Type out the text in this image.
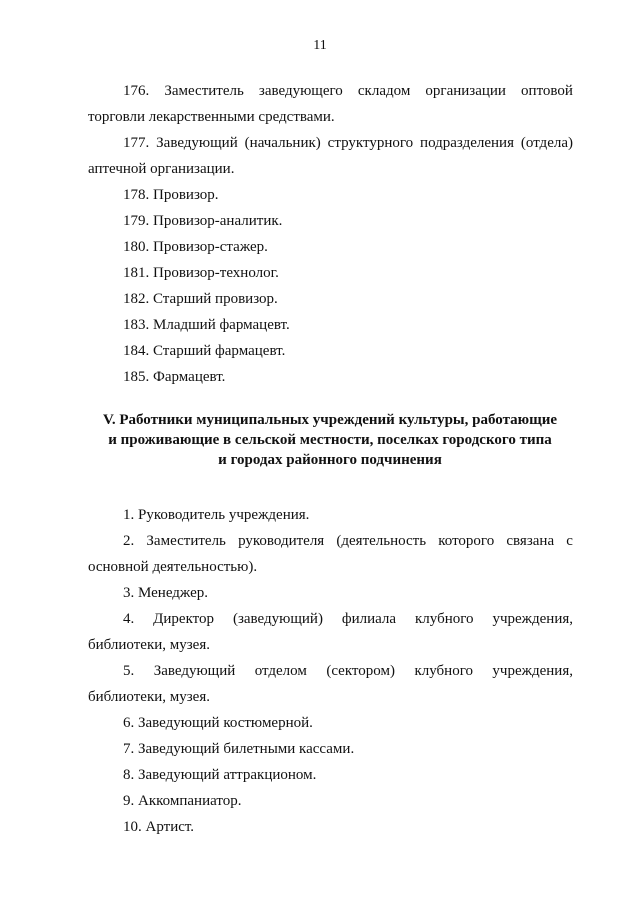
11
176. Заместитель заведующего складом организации оптовой
торговли лекарственными средствами.
177. Заведующий (начальник) структурного подразделения (отдела)
аптечной организации.
178. Провизор.
179. Провизор-аналитик.
180. Провизор-стажер.
181. Провизор-технолог.
182. Старший провизор.
183. Младший фармацевт.
184. Старший фармацевт.
185. Фармацевт.
V. Работники муниципальных учреждений культуры, работающие
и проживающие в сельской местности, поселках городского типа
и городах районного подчинения
1. Руководитель учреждения.
2. Заместитель руководителя (деятельность которого связана с
основной деятельностью).
3. Менеджер.
4. Директор (заведующий) филиала клубного учреждения,
библиотеки, музея.
5. Заведующий отделом (сектором) клубного учреждения,
библиотеки, музея.
6. Заведующий костюмерной.
7. Заведующий билетными кассами.
8. Заведующий аттракционом.
9. Аккомпаниатор.
10. Артист.
